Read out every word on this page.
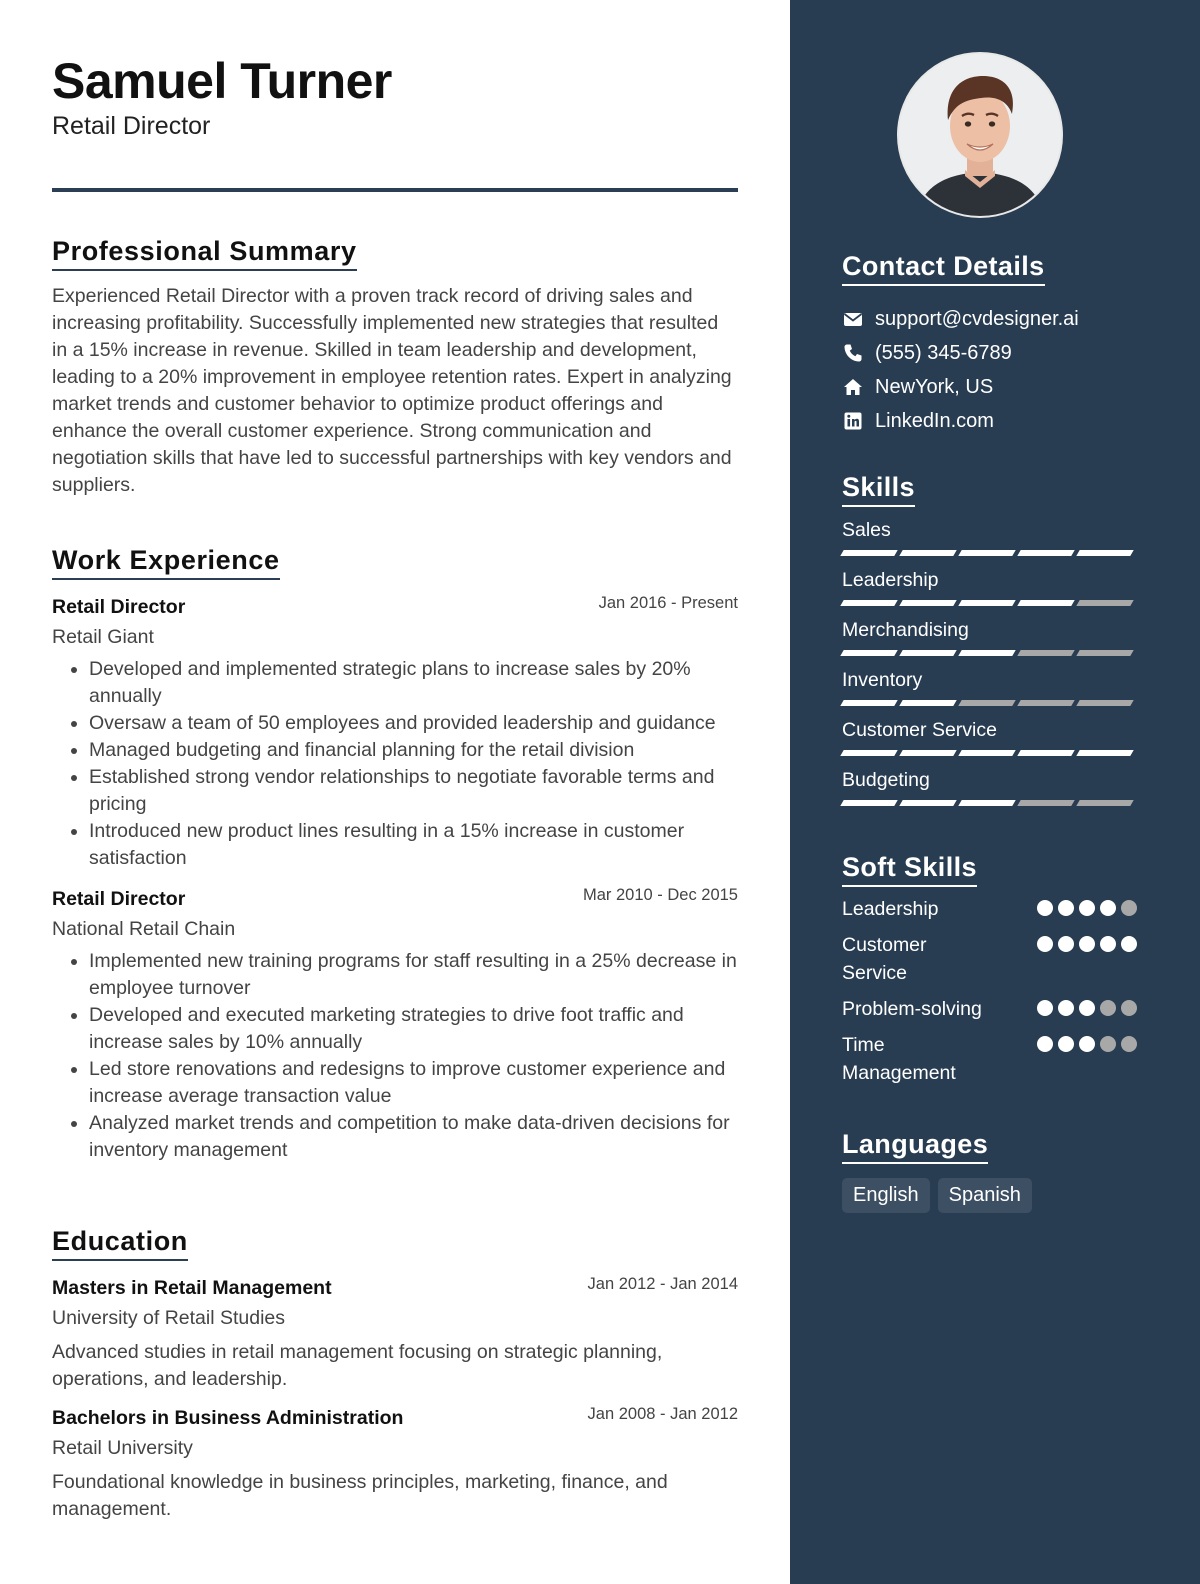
Samuel Turner
Retail Director
Professional Summary

Experienced Retail Director with a proven track record of driving sales and increasing profitability. Successfully implemented new strategies that resulted in a 15% increase in revenue. Skilled in team leadership and development, leading to a 20% improvement in employee retention rates. Expert in analyzing market trends and customer behavior to optimize product offerings and enhance the overall customer experience. Strong communication and negotiation skills that have led to successful partnerships with key vendors and suppliers.

Work Experience
Retail Director	Jan 2016 - Present
Retail Giant
• Developed and implemented strategic plans to increase sales by 20% annually
• Oversaw a team of 50 employees and provided leadership and guidance
• Managed budgeting and financial planning for the retail division
• Established strong vendor relationships to negotiate favorable terms and pricing
• Introduced new product lines resulting in a 15% increase in customer satisfaction
Retail Director	Mar 2010 - Dec 2015
National Retail Chain
• Implemented new training programs for staff resulting in a 25% decrease in employee turnover
• Developed and executed marketing strategies to drive foot traffic and increase sales by 10% annually
• Led store renovations and redesigns to improve customer experience and increase average transaction value
• Analyzed market trends and competition to make data-driven decisions for inventory management
Education
Masters in Retail Management	Jan 2012 - Jan 2014
University of Retail Studies

Advanced studies in retail management focusing on strategic planning, operations, and leadership.

Bachelors in Business Administration	Jan 2008 - Jan 2012
Retail University

Foundational knowledge in business principles, marketing, finance, and management.

Contact Details
support@cvdesigner.ai
(555) 345-6789
NewYork, US
LinkedIn.com
Skills
Sales
Leadership
Merchandising
Inventory
Customer Service
Budgeting
Soft Skills
Leadership
Customer Service
Problem-solving
Time Management
Languages
English	Spanish
